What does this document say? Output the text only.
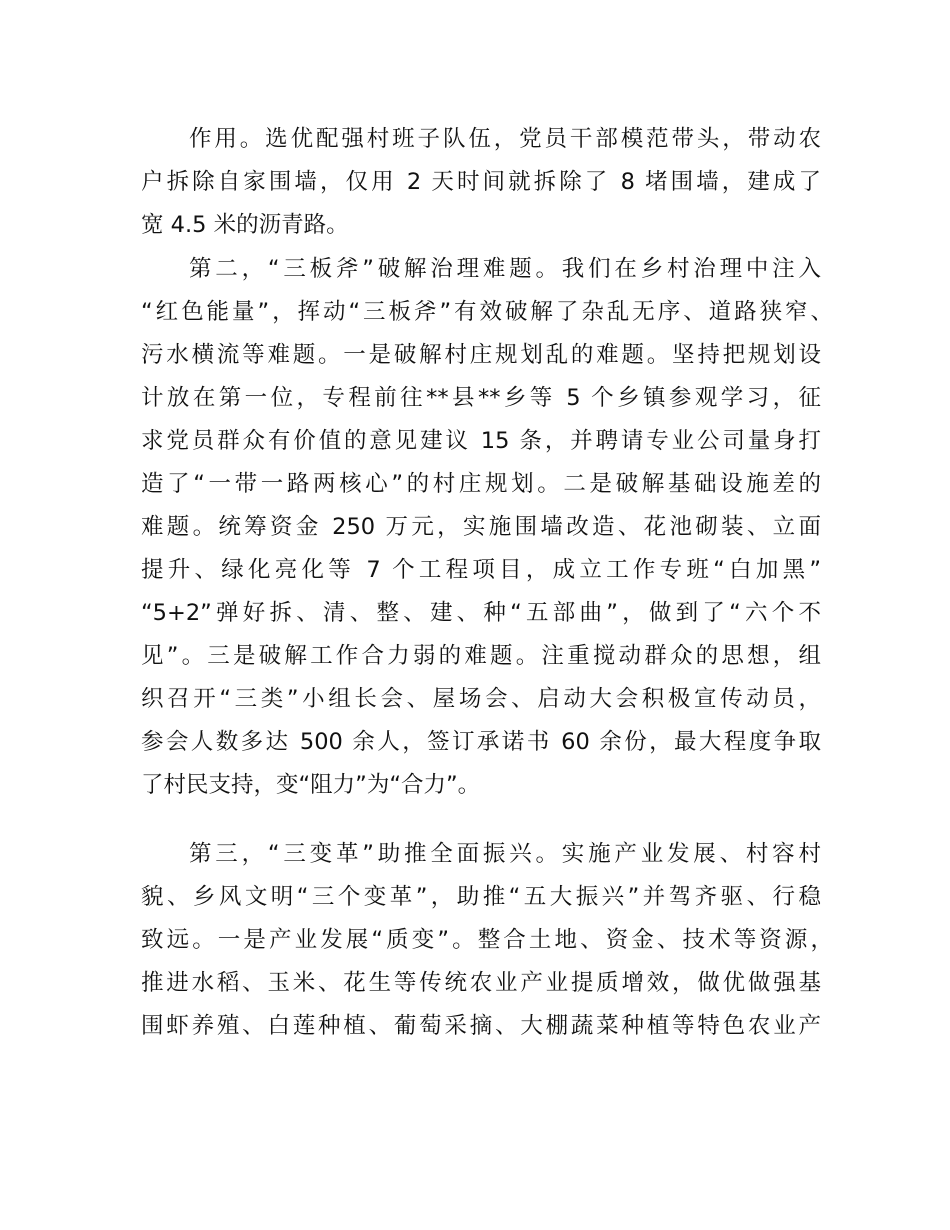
作用。选优配强村班子队伍，党员干部模范带头，带动农
户拆除自家围墙，仅用 2 天时间就拆除了 8 堵围墙，建成了
宽 4.5 米的沥青路。
第二，“三板斧”破解治理难题。我们在乡村治理中注入
“红色能量”，挥动“三板斧”有效破解了杂乱无序、道路狭窄、
污水横流等难题。一是破解村庄规划乱的难题。坚持把规划设
计放在第一位，专程前往**县**乡等 5 个乡镇参观学习，征
求党员群众有价值的意见建议 15 条，并聘请专业公司量身打
造了“一带一路两核心”的村庄规划。二是破解基础设施差的
难题。统筹资金 250 万元，实施围墙改造、花池砌装、立面
提升、绿化亮化等 7 个工程项目，成立工作专班“白加黑”
“5+2”弹好拆、清、整、建、种“五部曲”，做到了“六个不
见”。三是破解工作合力弱的难题。注重搅动群众的思想，组
织召开“三类”小组长会、屋场会、启动大会积极宣传动员，
参会人数多达 500 余人，签订承诺书 60 余份，最大程度争取
了村民支持，变“阻力”为“合力”。
第三，“三变革”助推全面振兴。实施产业发展、村容村
貌、乡风文明“三个变革”，助推“五大振兴”并驾齐驱、行稳
致远。一是产业发展“质变”。整合土地、资金、技术等资源，
推进水稻、玉米、花生等传统农业产业提质增效，做优做强基
围虾养殖、白莲种植、葡萄采摘、大棚蔬菜种植等特色农业产
